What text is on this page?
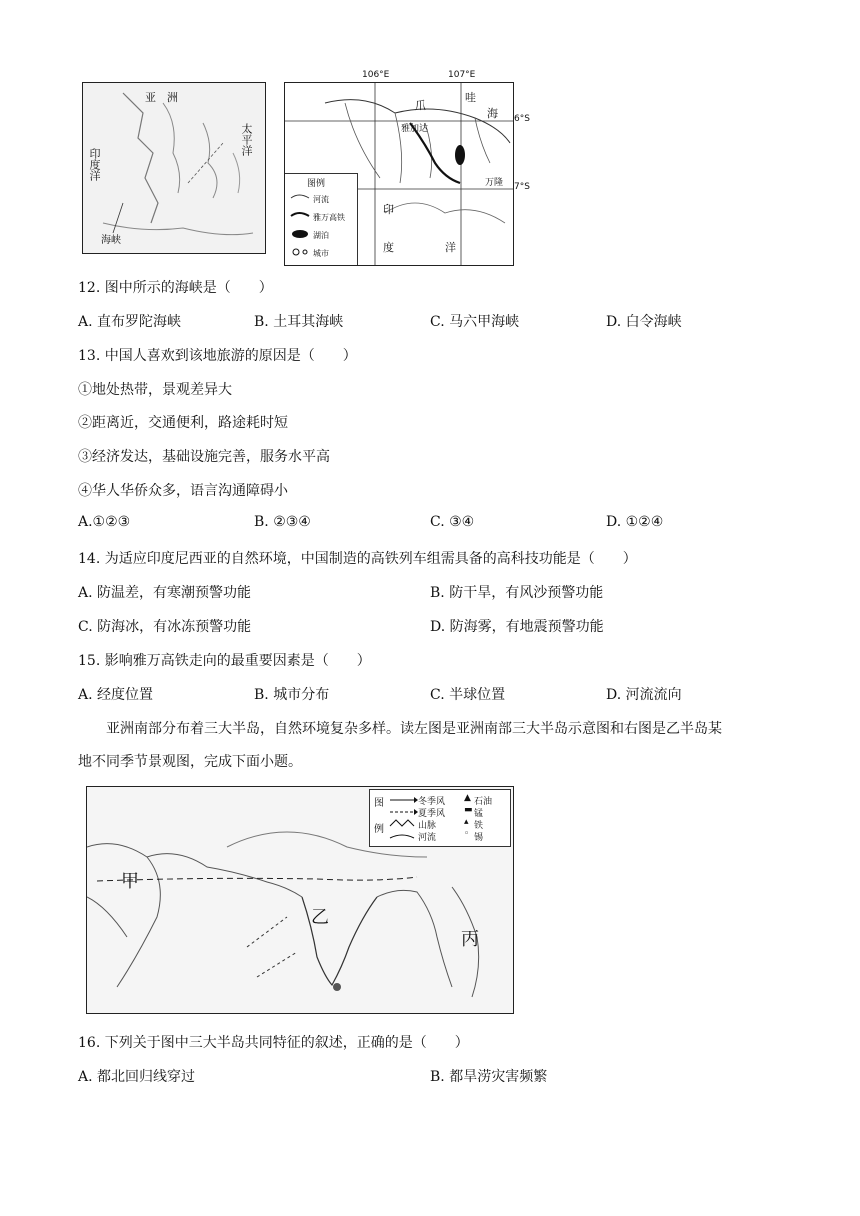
亚　洲
太平洋
印度洋
海峡
爪
哇
海
雅加达
万隆
印
度	洋
图例
河流
雅万高铁
湖泊
城市
106°E	107°E
6°S
7°S
12. 图中所示的海峡是（　　）
A. 直布罗陀海峡	B. 土耳其海峡	C. 马六甲海峡	D. 白令海峡
13. 中国人喜欢到该地旅游的原因是（　　）
①地处热带，景观差异大
②距离近，交通便利，路途耗时短
③经济发达，基础设施完善，服务水平高
④华人华侨众多，语言沟通障碍小
A.①②③	B. ②③④	C. ③④	D. ①②④
14. 为适应印度尼西亚的自然环境，中国制造的高铁列车组需具备的高科技功能是（　　）
A. 防温差，有寒潮预警功能	B. 防干旱，有风沙预警功能
C. 防海冰，有冰冻预警功能	D. 防海雾，有地震预警功能
15. 影响雅万高铁走向的最重要因素是（　　）
A. 经度位置	B. 城市分布	C. 半球位置	D. 河流流向
亚洲南部分布着三大半岛，自然环境复杂多样。读左图是亚洲南部三大半岛示意图和右图是乙半岛某
地不同季节景观图，完成下面小题。
甲
乙
丙
图
例
冬季风
夏季风
山脉
河流
石油
锰
铁
锡
▲
▬
▴
◦
16. 下列关于图中三大半岛共同特征的叙述，正确的是（　　）
A. 都北回归线穿过	B. 都旱涝灾害频繁
